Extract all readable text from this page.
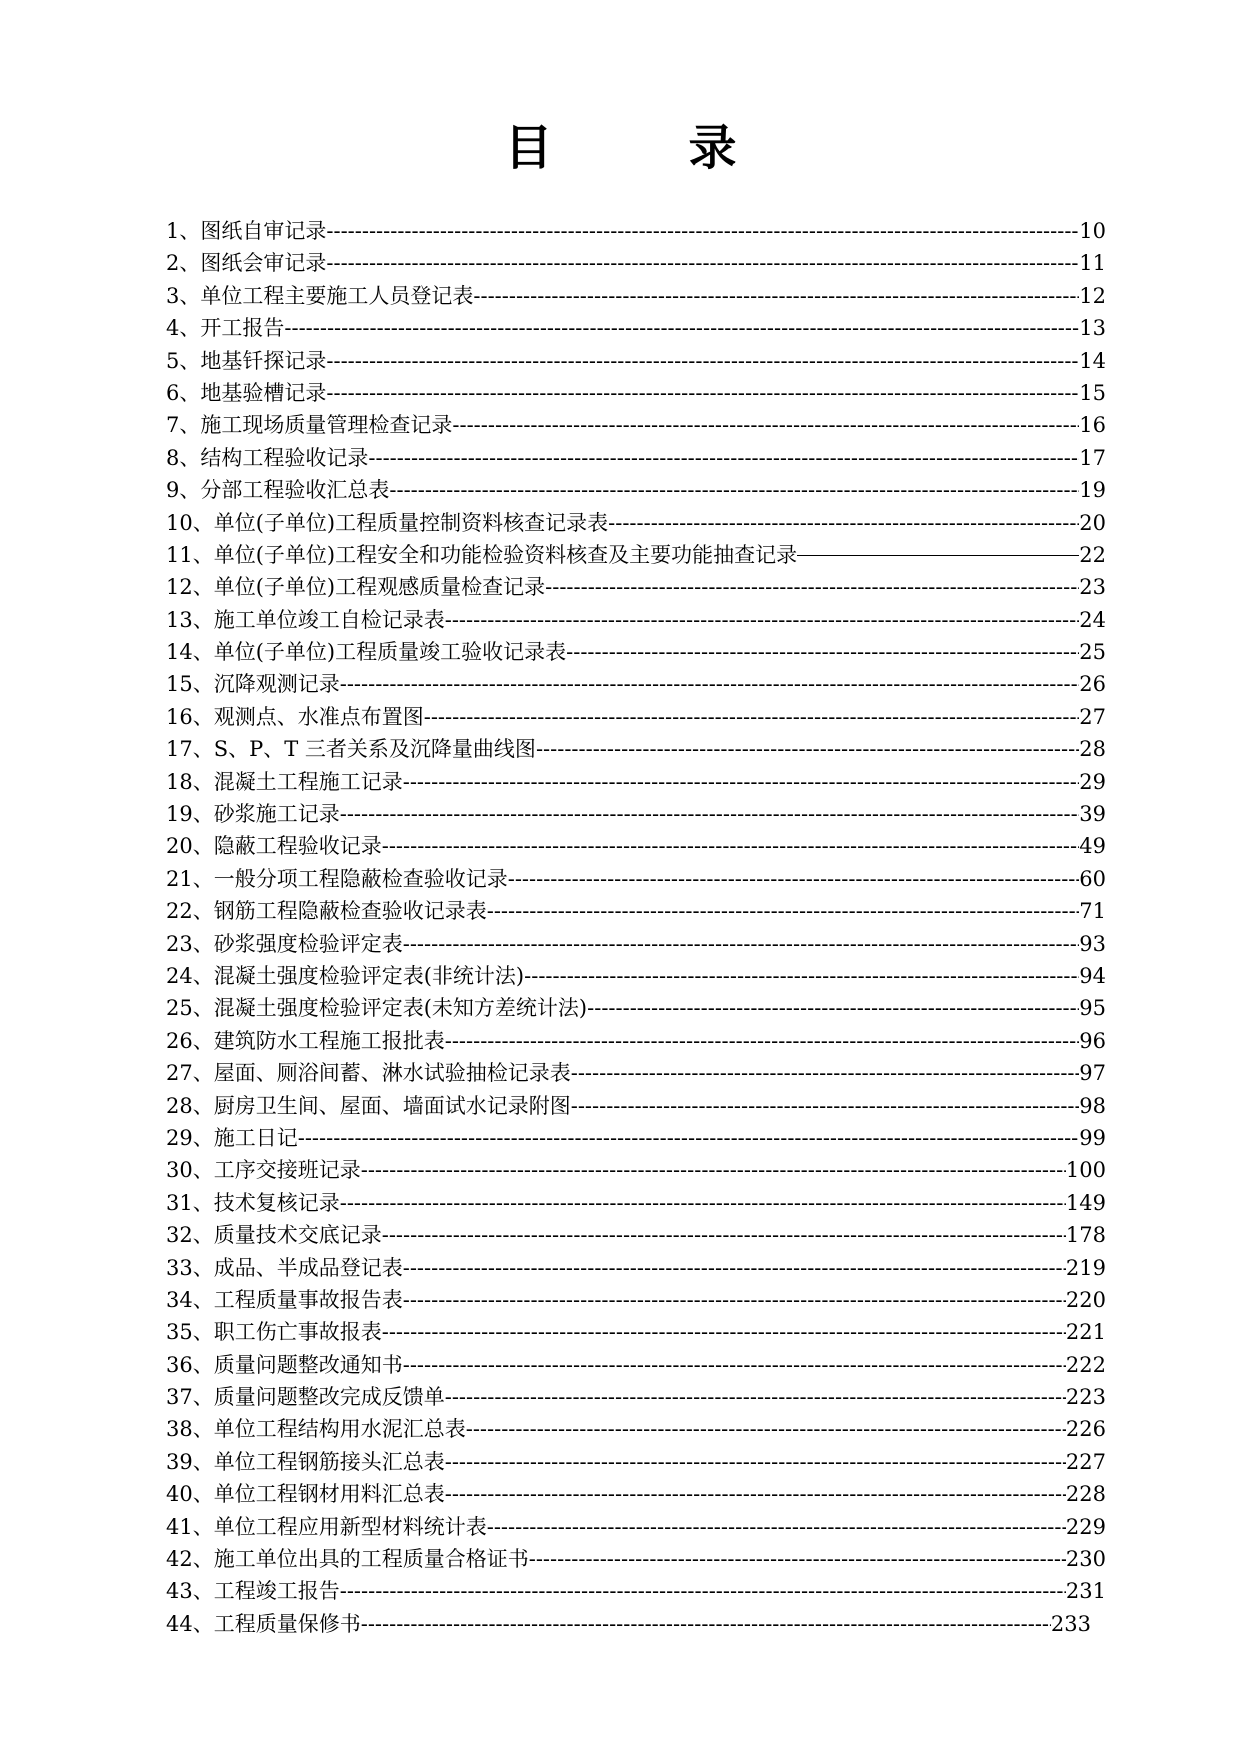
目　录
1、 图纸自审记录 -----	10
2、 图纸会审记录 -----	11
3、 单位工程主要施工人员登记表 -----	12
4、 开工报告 -----	13
5、 地基钎探记录 -----	14
6、 地基验槽记录 -----	15
7、 施工现场质量管理检查记录 -----	16
8、 结构工程验收记录 -----	17
9、 分部工程验收汇总表 -----	19
10、 单位(子单位)工程质量控制资料核查记录表 -----	20
11、 单位(子单位)工程安全和功能检验资料核查及主要功能抽查记录	22
12、 单位(子单位)工程观感质量检查记录 -----	23
13、 施工单位竣工自检记录表 -----	24
14、 单位(子单位)工程质量竣工验收记录表 -----	25
15、 沉降观测记录 -----	26
16、 观测点、水准点布置图 -----	27
17、 S、P、T 三者关系及沉降量曲线图 -----	28
18、 混凝土工程施工记录 -----	29
19、 砂浆施工记录 -----	39
20、 隐蔽工程验收记录 -----	49
21、 一般分项工程隐蔽检查验收记录 -----	60
22、 钢筋工程隐蔽检查验收记录表 -----	71
23、 砂浆强度检验评定表 -----	93
24、 混凝土强度检验评定表(非统计法) -----	94
25、 混凝土强度检验评定表(未知方差统计法) -----	95
26、 建筑防水工程施工报批表 -----	96
27、 屋面、厕浴间蓄、淋水试验抽检记录表 -----	97
28、 厨房卫生间、屋面、墙面试水记录附图 -----	98
29、 施工日记 -----	99
30、 工序交接班记录 -----	100
31、 技术复核记录 -----	149
32、 质量技术交底记录 -----	178
33、 成品、半成品登记表 -----	219
34、 工程质量事故报告表 -----	220
35、 职工伤亡事故报表 -----	221
36、 质量问题整改通知书 -----	222
37、 质量问题整改完成反馈单 -----	223
38、 单位工程结构用水泥汇总表 -----	226
39、 单位工程钢筋接头汇总表 -----	227
40、 单位工程钢材用料汇总表 -----	228
41、 单位工程应用新型材料统计表 -----	229
42、 施工单位出具的工程质量合格证书 -----	230
43、 工程竣工报告 -----	231
44、 工程质量保修书 -----	233
